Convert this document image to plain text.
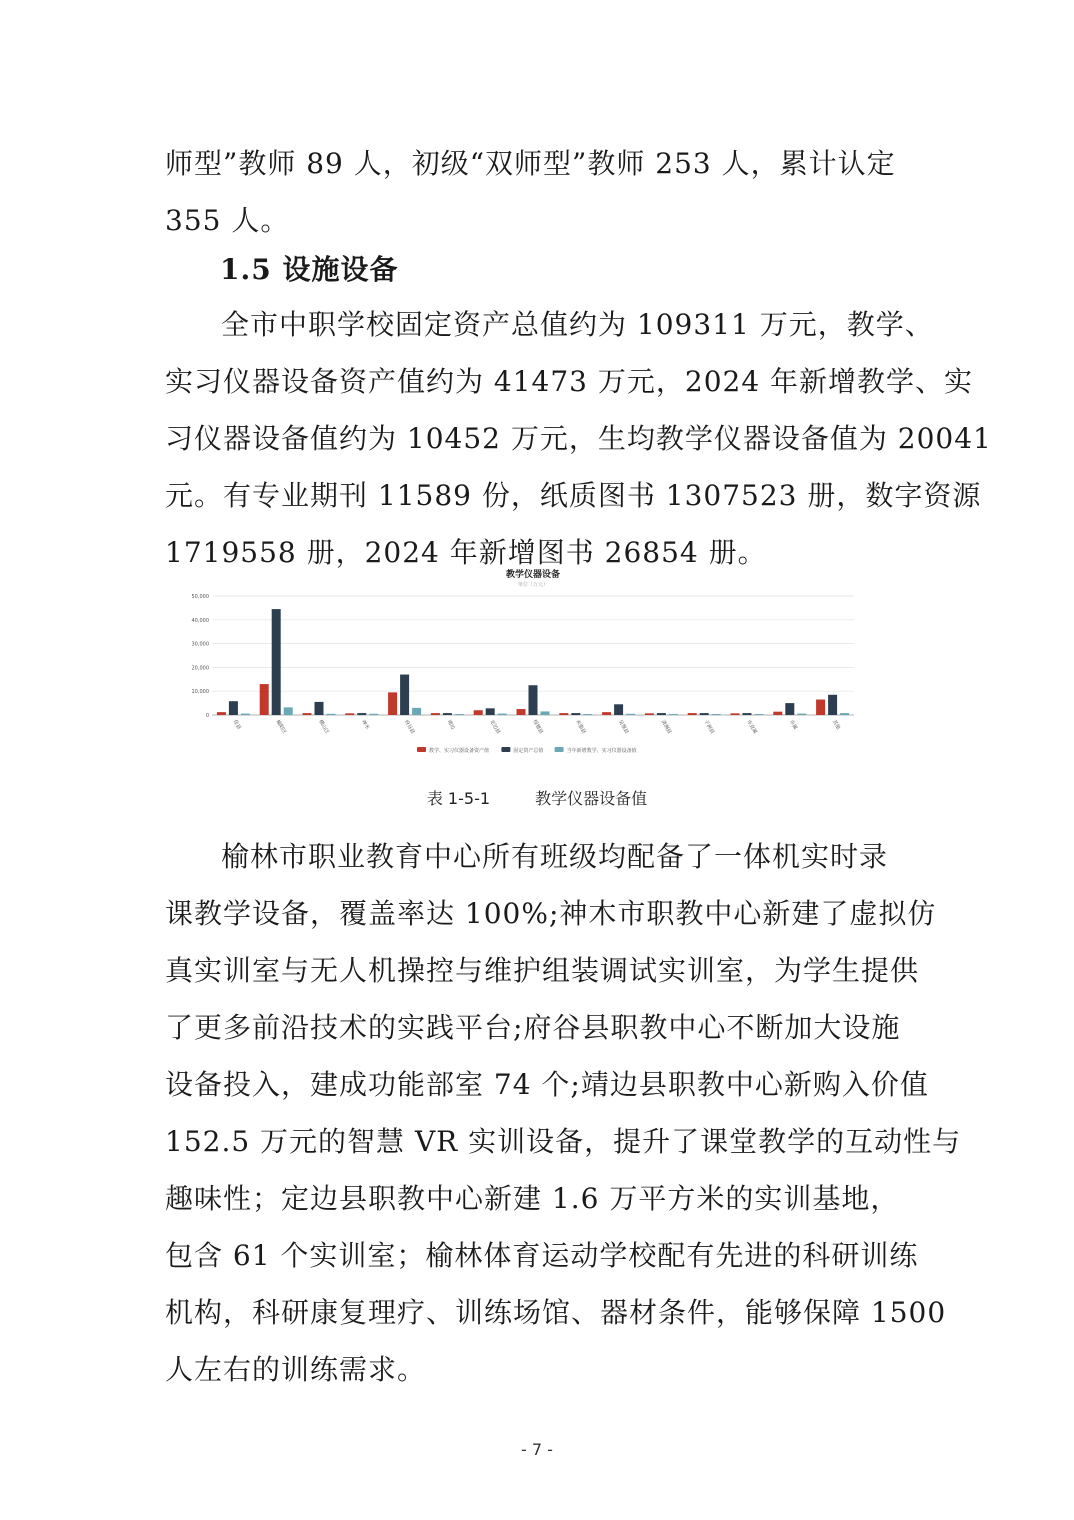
师型”教师 89 人，初级“双师型”教师 253 人，累计认定
355 人。
1.5 设施设备
全市中职学校固定资产总值约为 109311 万元，教学、
实习仪器设备资产值约为 41473 万元，2024 年新增教学、实
习仪器设备值约为 10452 万元，生均教学仪器设备值为 20041
元。有专业期刊 11589 份，纸质图书 1307523 册，数字资源
1719558 册，2024 年新增图书 26854 册。
教学仪器设备
单位（万元）
0
10,000
20,000
30,000
40,000
50,000
佳县	榆阳区	横山区	神木	府谷县	靖边	定边县	绥德县	米脂县	吴堡县	清涧县	子洲县	市直属	市属	其他
教学、实习仪器设备资产值	固定资产总值	当年新增教学、实习仪器设备值
表 1-5-1	教学仪器设备值
榆林市职业教育中心所有班级均配备了一体机实时录
课教学设备，覆盖率达 100%;神木市职教中心新建了虚拟仿
真实训室与无人机操控与维护组装调试实训室，为学生提供
了更多前沿技术的实践平台;府谷县职教中心不断加大设施
设备投入，建成功能部室 74 个;靖边县职教中心新购入价值
152.5 万元的智慧 VR 实训设备，提升了课堂教学的互动性与
趣味性；定边县职教中心新建 1.6 万平方米的实训基地，
包含 61 个实训室；榆林体育运动学校配有先进的科研训练
机构，科研康复理疗、训练场馆、器材条件，能够保障 1500
人左右的训练需求。
- 7 -
